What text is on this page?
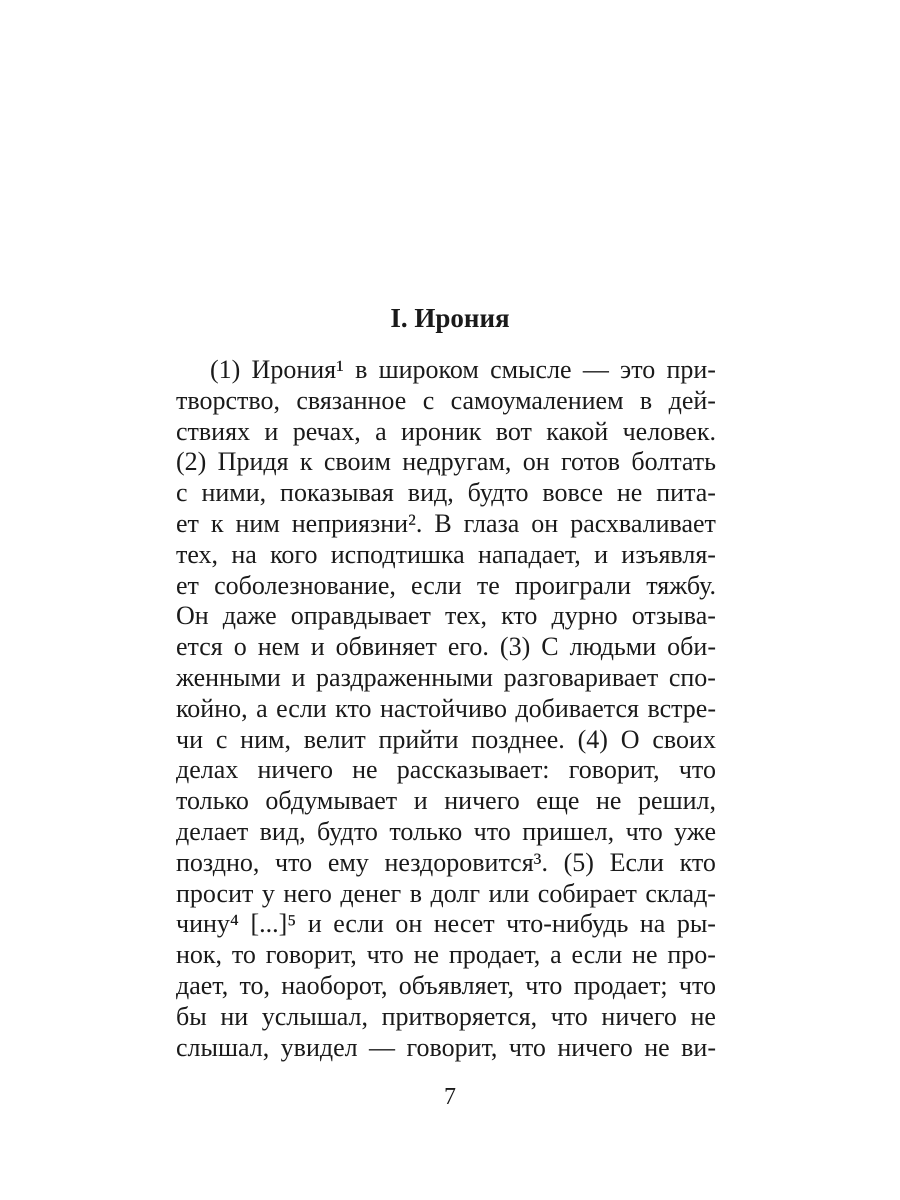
I. Ирония
(1) Ирония¹ в широком смысле — это при-
творство, связанное с самоумалением в дей-
ствиях и речах, а ироник вот какой человек.
(2) Придя к своим недругам, он готов болтать
с ними, показывая вид, будто вовсе не пита-
ет к ним неприязни². В глаза он расхваливает
тех, на кого исподтишка нападает, и изъявля-
ет соболезнование, если те проиграли тяжбу.
Он даже оправдывает тех, кто дурно отзыва-
ется о нем и обвиняет его. (3) С людьми оби-
женными и раздраженными разговаривает спо-
койно, а если кто настойчиво добивается встре-
чи с ним, велит прийти позднее. (4) О своих
делах ничего не рассказывает: говорит, что
только обдумывает и ничего еще не решил,
делает вид, будто только что пришел, что уже
поздно, что ему нездоровится³. (5) Если кто
просит у него денег в долг или собирает склад-
чину⁴ [...]⁵ и если он несет что-нибудь на ры-
нок, то говорит, что не продает, а если не про-
дает, то, наоборот, объявляет, что продает; что
бы ни услышал, притворяется, что ничего не
слышал, увидел — говорит, что ничего не ви-
7
